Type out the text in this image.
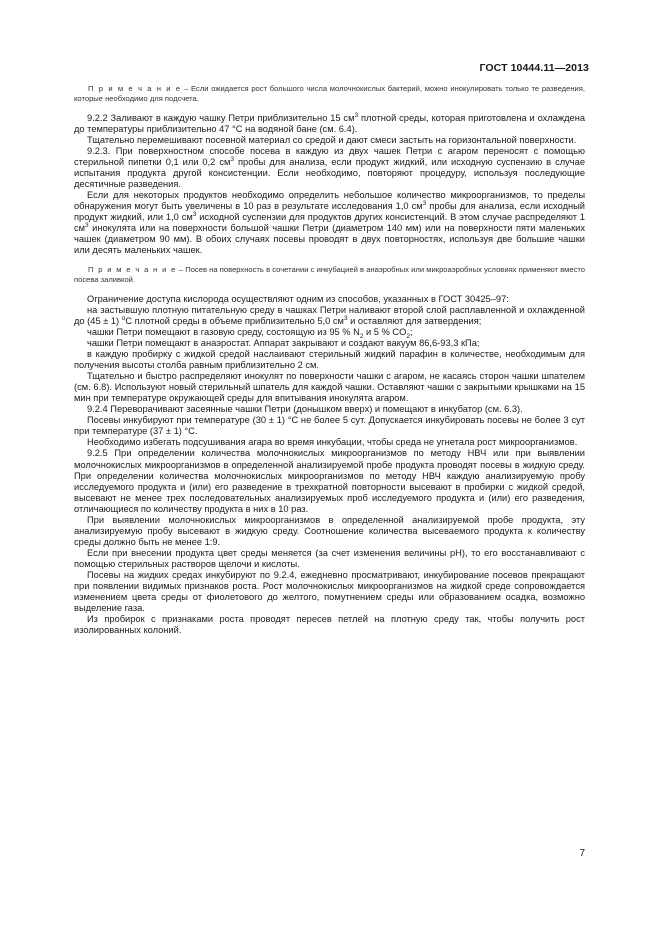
ГОСТ 10444.11—2013

П р и м е ч а н и е – Если ожидается рост большого числа молочнокислых бактерий, можно инокулировать только те разведения, которые необходимо для подсчета.

9.2.2 Заливают в каждую чашку Петри приблизительно 15 $см^3$ плотной среды, которая приготовлена и охлаждена до температуры приблизительно 47 °С на водяной бане (см. 6.4).

Тщательно перемешивают посевной материал со средой и дают смеси застыть на горизонтальной поверхности.

9.2.3. При поверхностном способе посева в каждую из двух чашек Петри с агаром переносят с помощью стерильной пипетки 0,1 или 0,2 $см^3$ пробы для анализа, если продукт жидкий, или исходную суспензию в случае испытания продукта другой консистенции. Если необходимо, повторяют процедуру, используя последующие десятичные разведения.

Если для некоторых продуктов необходимо определить небольшое количество микроорганизмов, то пределы обнаружения могут быть увеличены в 10 раз в результате исследования 1,0 $см^3$ пробы для анализа, если исходный продукт жидкий, или 1,0 $см^3$ исходной суспензии для продуктов других консистенций. В этом случае распределяют 1 $см^3$ инокулята или на поверхности большой чашки Петри (диаметром 140 мм) или на поверхности пяти маленьких чашек (диаметром 90 мм). В обоих случаях посевы проводят в двух повторностях, используя две большие чашки или десять маленьких чашек.

П р и м е ч а н и е – Посев на поверхность в сочетании с инкубацией в анаэробных или микроаэробных условиях применяют вместо посева заливкой.

Ограничение доступа кислорода осуществляют одним из способов, указанных в ГОСТ 30425–97:

на застывшую плотную питательную среду в чашках Петри наливают второй слой расплавленной и охлажденной до (45 ± 1) $^о$С плотной среды в объеме приблизительно 5,0 $см^3$ и оставляют для затвердения;

чашки Петри помещают в газовую среду, состоящую из 95 % $N_2$ и 5 % $CO_2$;

чашки Петри помещают в анаэростат. Аппарат закрывают и создают вакуум 86,6-93,3 кПа;

в каждую пробирку с жидкой средой наслаивают стерильный жидкий парафин в количестве, необходимым для получения высоты столба равным приблизительно 2 см.

Тщательно и быстро распределяют инокулят по поверхности чашки с агаром, не касаясь сторон чашки шпателем (см. 6.8). Используют новый стерильный шпатель для каждой чашки. Оставляют чашки с закрытыми крышками на 15 мин при температуре окружающей среды для впитывания инокулята агаром.

9.2.4 Переворачивают засеянные чашки Петри (донышком вверх) и помещают в инкубатор (см. 6.3).

Посевы инкубируют при температуре (30 ± 1) °С не более 5 сут. Допускается инкубировать посевы не более 3 сут при температуре (37 ± 1) °С.

Необходимо избегать подсушивания агара во время инкубации, чтобы среда не угнетала рост микроорганизмов.

9.2.5 При определении количества молочнокислых микроорганизмов по методу НВЧ или при выявлении молочнокислых микроорганизмов в определенной анализируемой пробе продукта проводят посевы в жидкую среду. При определении количества молочнокислых микроорганизмов по методу НВЧ каждую анализируемую пробу исследуемого продукта и (или) его разведение в трехкратной повторности высевают в пробирки с жидкой средой, высевают не менее трех последовательных анализируемых проб исследуемого продукта и (или) его разведения, отличающиеся по количеству продукта в них в 10 раз.

При выявлении молочнокислых микроорганизмов в определенной анализируемой пробе продукта, эту анализируемую пробу высевают в жидкую среду. Соотношение количества высеваемого продукта к количеству среды должно быть не менее 1:9.

Если при внесении продукта цвет среды меняется (за счет изменения величины рН), то его восстанавливают с помощью стерильных растворов щелочи и кислоты.

Посевы на жидких средах инкубируют по 9.2.4, ежедневно просматривают, инкубирование посевов прекращают при появлении видимых признаков роста. Рост молочнокислых микроорганизмов на жидкой среде сопровождается изменением цвета среды от фиолетового до желтого, помутнением среды или образованием осадка, возможно выделение газа.

Из пробирок с признаками роста проводят пересев петлей на плотную среду так, чтобы получить рост изолированных колоний.

7
